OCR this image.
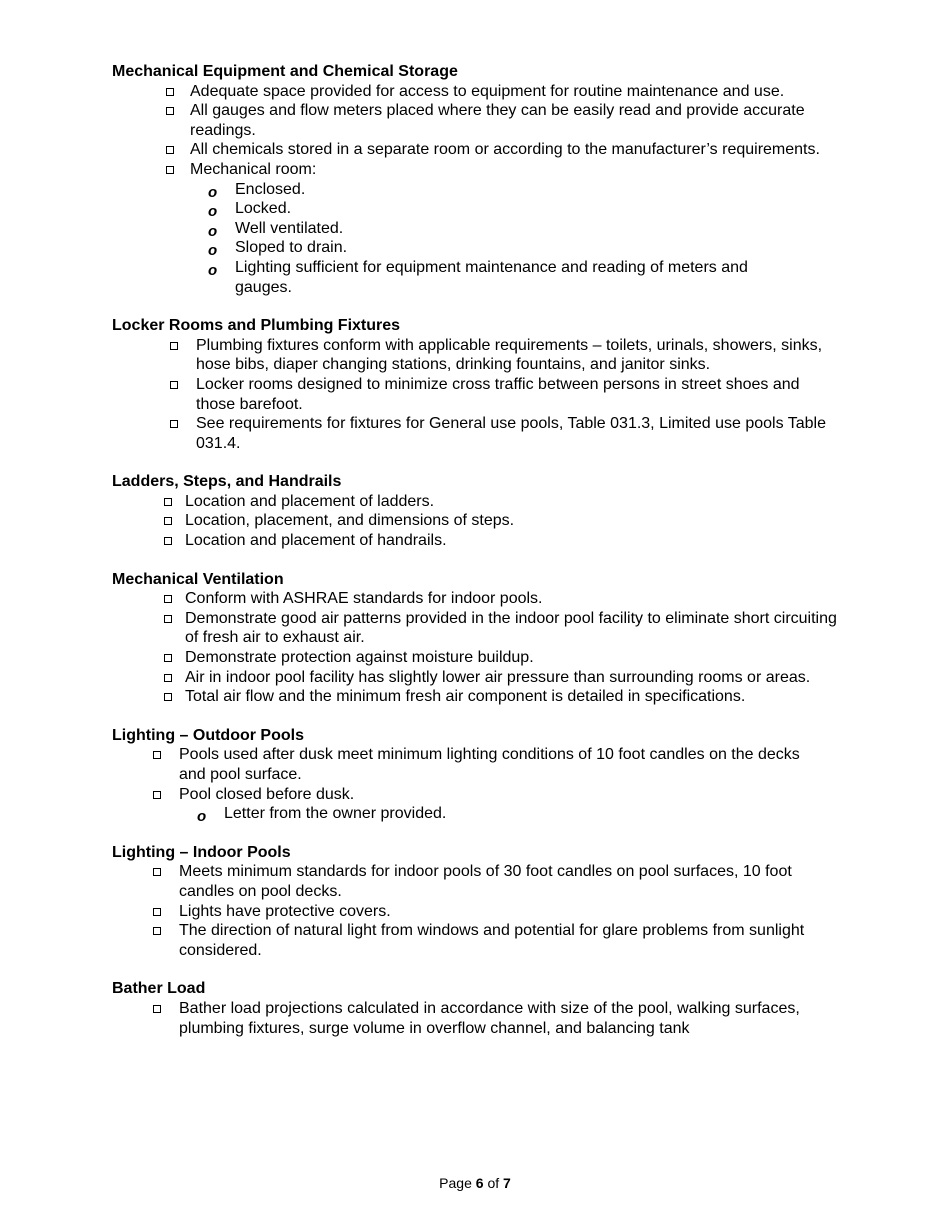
Mechanical Equipment and Chemical Storage
Adequate space provided for access to equipment for routine maintenance and use.
All gauges and flow meters placed where they can be easily read and provide accurate readings.
All chemicals stored in a separate room or according to the manufacturer’s requirements.
Mechanical room:
o Enclosed.
o Locked.
o Well ventilated.
o Sloped to drain.
o Lighting sufficient for equipment maintenance and reading of meters and gauges.
Locker Rooms and Plumbing Fixtures
Plumbing fixtures conform with applicable requirements – toilets, urinals, showers, sinks, hose bibs, diaper changing stations, drinking fountains, and janitor sinks.
Locker rooms designed to minimize cross traffic between persons in street shoes and those barefoot.
See requirements for fixtures for General use pools, Table 031.3, Limited use pools Table 031.4.
Ladders, Steps, and Handrails
Location and placement of ladders.
Location, placement, and dimensions of steps.
Location and placement of handrails.
Mechanical Ventilation
Conform with ASHRAE standards for indoor pools.
Demonstrate good air patterns provided in the indoor pool facility to eliminate short circuiting of fresh air to exhaust air.
Demonstrate protection against moisture buildup.
Air in indoor pool facility has slightly lower air pressure than surrounding rooms or areas.
Total air flow and the minimum fresh air component is detailed in specifications.
Lighting – Outdoor Pools
Pools used after dusk meet minimum lighting conditions of 10 foot candles on the decks and pool surface.
Pool closed before dusk.
o Letter from the owner provided.
Lighting – Indoor Pools
Meets minimum standards for indoor pools of 30 foot candles on pool surfaces, 10 foot candles on pool decks.
Lights have protective covers.
The direction of natural light from windows and potential for glare problems from sunlight considered.
Bather Load
Bather load projections calculated in accordance with size of the pool, walking surfaces, plumbing fixtures, surge volume in overflow channel, and balancing tank
Page 6 of 7
